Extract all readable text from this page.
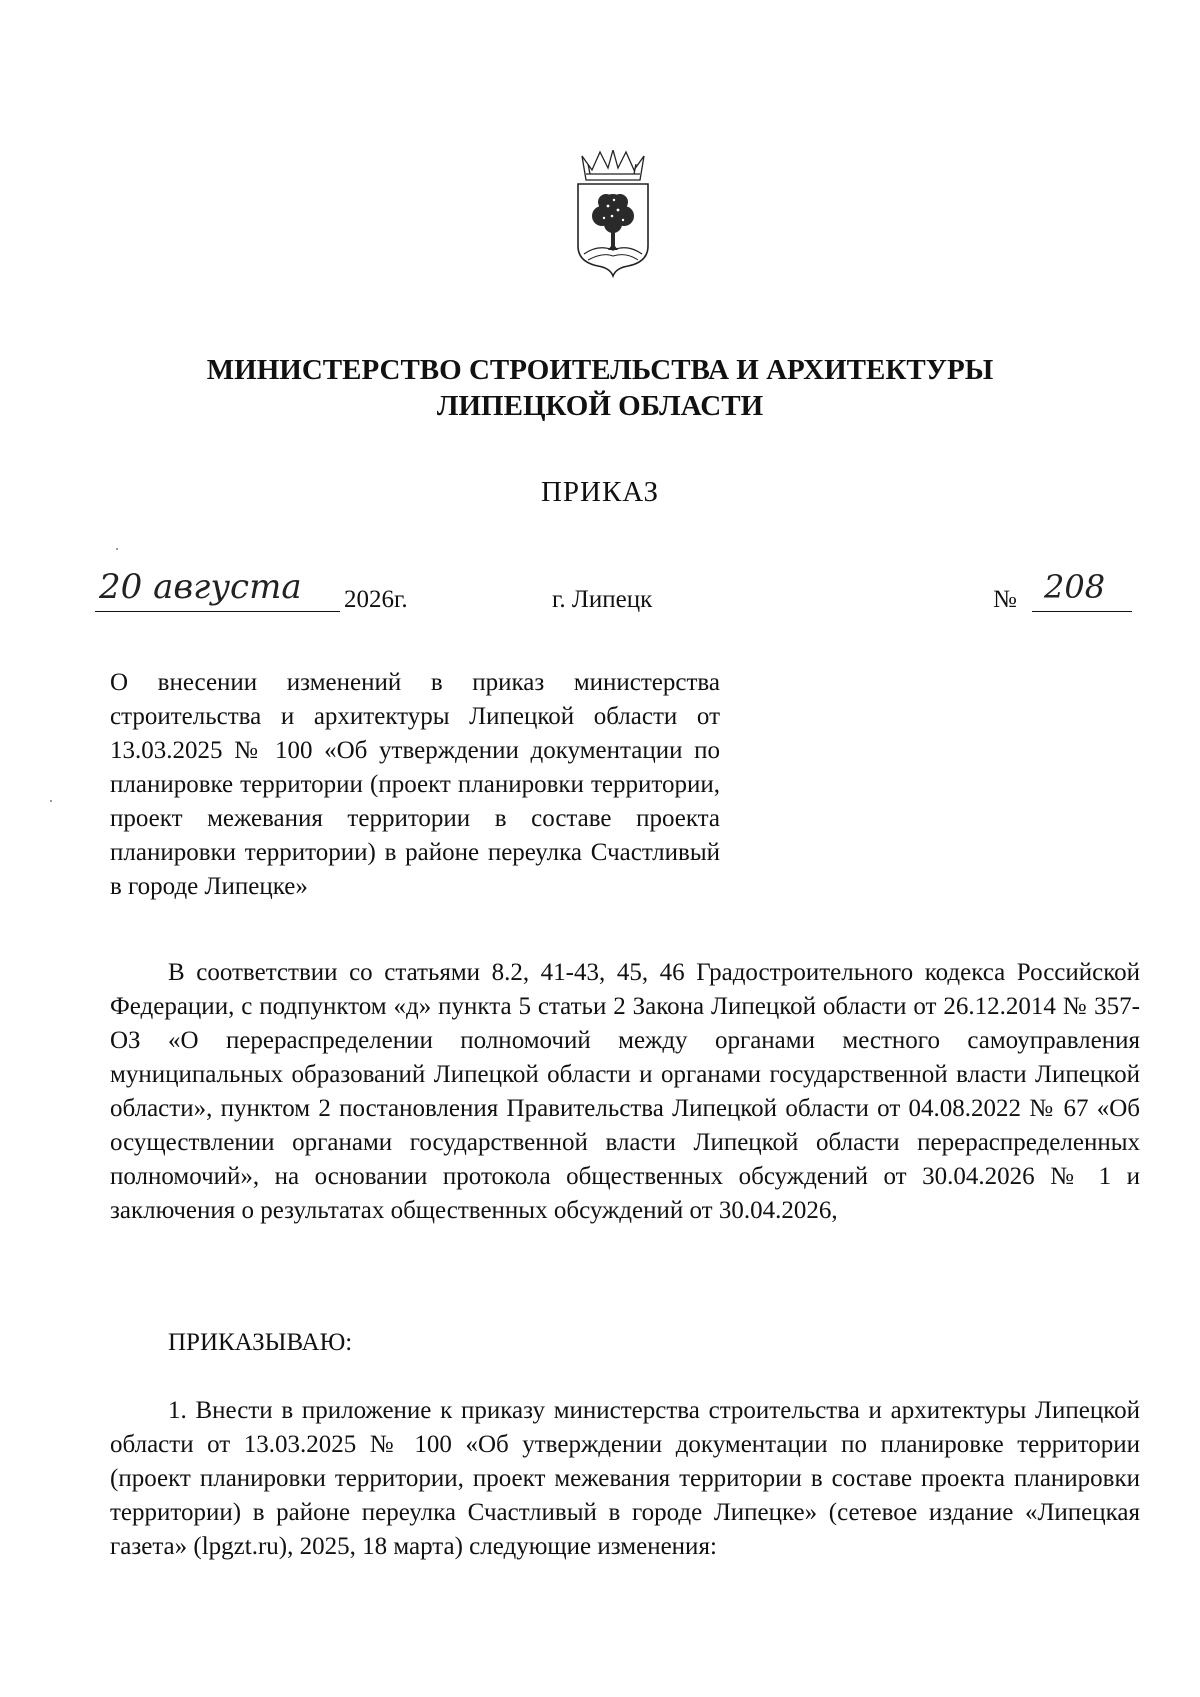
МИНИСТЕРСТВО СТРОИТЕЛЬСТВА И АРХИТЕКТУРЫ
ЛИПЕЦКОЙ ОБЛАСТИ
ПРИКАЗ
20 августа	2026г.	г. Липецк	№ 208
О внесении изменений в приказ министерства строительства и архитектуры Липецкой области от 13.03.2025 № 100 «Об утверждении документации по планировке территории (проект планировки территории, проект межевания территории в составе проекта планировки территории) в районе переулка Счастливый в городе Липецке»
В соответствии со статьями 8.2, 41-43, 45, 46 Градостроительного кодекса Российской Федерации, с подпунктом «д» пункта 5 статьи 2 Закона Липецкой области от 26.12.2014 № 357-ОЗ «О перераспределении полномочий между органами местного самоуправления муниципальных образований Липецкой области и органами государственной власти Липецкой области», пунктом 2 постановления Правительства Липецкой области от 04.08.2022 № 67 «Об осуществлении органами государственной власти Липецкой области перераспределенных полномочий», на основании протокола общественных обсуждений от 30.04.2026 № 1 и заключения о результатах общественных обсуждений от 30.04.2026,
ПРИКАЗЫВАЮ:
1. Внести в приложение к приказу министерства строительства и архитектуры Липецкой области от 13.03.2025 № 100 «Об утверждении документации по планировке территории (проект планировки территории, проект межевания территории в составе проекта планировки территории) в районе переулка Счастливый в городе Липецке» (сетевое издание «Липецкая газета» (lpgzt.ru), 2025, 18 марта) следующие изменения:
